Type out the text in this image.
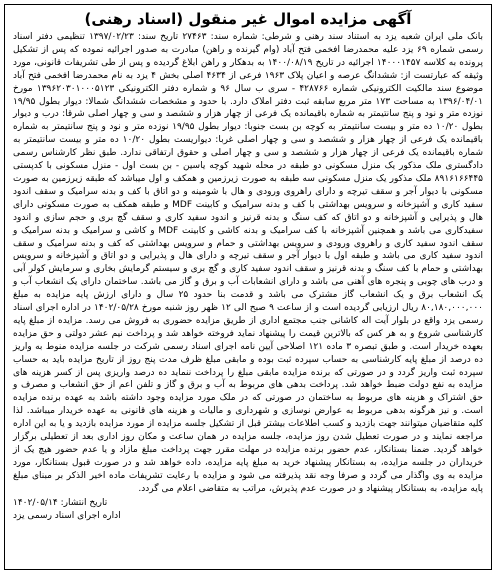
آگهی مزایده اموال غیر منقول (اسناد رهنی)

بانک ملی ایران شعبه یزد به استناد سند رهنی و شرطی: شماره سند: ۲۷۴۶۳ تاریخ سند: ۱۳۹۷/۰۲/۲۳ تنظیمی دفتر اسناد رسمی شماره ۶۹ یزد علیه محمدرضا افخمی فتح آباد (وام گیرنده و راهن) مبادرت به صدور اجرائیه نموده که پس از تشکیل پرونده به کلاسه ۱۴۰۰۰۱۴۵۷ اجرائیه در تاریخ ۱۴۰۰/۰۸/۱۹ به بدهکار و راهن ابلاغ گردیده و پس از طی تشریفات قانونی، مورد وثیقه که عبارتست از: ششدانگ عرصه و اعیان پلاک ۱۹۶۳ فرعی از ۴۶۳۴ اصلی بخش ۴ یزد به نام محمدرضا افخمی فتح آباد موضوع سند مالکیت الکترونیکی شماره ۴۲۸۷۶۶ - سری ب سال ۹۶ و شماره دفتر الکترونیکی ۱۳۹۶۲۰۳۰۱۰۰۰۵۱۲۳ مورخ ۱۳۹۶/۰۴/۰۱ به مساحت ۱۷۳ متر مربع سابقه ثبت دفتر املاک دارد. با حدود و مشخصات ششدانگ شمالا: دیوار بطول ۱۹/۹۵ نوزده متر و نود و پنج سانتیمتر به شماره باقیمانده یک فرعی از چهار هزار و ششصد و سی و چهار اصلی شرقا: درب و دیوار بطول ۱۰/۲۰ ده متر و بیست سانتیمتر به کوچه بن بست جنوبا: دیوار بطول ۱۹/۹۵ نوزده متر و نود و پنج سانتیمتر به شماره باقیمانده یک فرعی از چهار هزار و ششصد و سی و چهار اصلی غربا: دیواریست بطول ۱۰/۲۰ ده متر و بیست سانتیمتر به شماره باقیمانده یک فرعی از چهار هزار و ششصد و سی و چهار اصلی و حقوق ارتفاقی ندارد. طبق نظر کارشناس رسمی دادگستری ملک مذکور یک منزل مسکونی دو طبقه در محله شهید کوچه یاسین - بن بست اول - منزل مسکونی با کدپستی ۸۹۱۶۱۶۶۴۴۵ ملک مذکور یک منزل مسکونی سه طبقه به صورت زیرزمین و همکف و اول میباشد که طبقه زیرزمین به صورت مسکونی با دیوار آجر و سقف تیرچه و دارای راهروی ورودی و هال با شومینه و دو اتاق با کف و بدنه سرامیک و سقف اندود سفید کاری و آشپزخانه و سرویس بهداشتی با کف و بدنه سرامیک و کابینت MDF و طبقه همکف به صورت مسکونی دارای هال و پذیرایی و آشپزخانه و دو اتاق که کف سنگ و بدنه قرنیز و اندود سفید کاری و سقف گچ بری و حجم سازی و اندود سفیدکاری می باشد و همچنین آشپزخانه با کف سرامیک و بدنه کاشی و کابینت MDF و کاشی و سرامیک و بدنه سرامیک و سقف اندود سفید کاری و راهروی ورودی و سرویس بهداشتی و حمام و سرویس بهداشتی که کف و بدنه سرامیک و سقف اندود سفید کاری می باشد و طبقه اول با دیوار آجر و سقف تیرچه و دارای هال و پذیرایی و دو اتاق و آشپزخانه و سرویس بهداشتی و حمام با کف سنگ و بدنه قرنیز و سقف اندود سفید کاری و گچ بری و سیستم گرمایش بخاری و سرمایش کولر آبی و درب های چوبی و پنجره های آهنی می باشد و دارای انشعابات آب و برق و گاز می باشد. ساختمان دارای یک انشعاب آب و یک انشعاب برق و یک انشعاب گاز مشترک می باشد و قدمت بنا حدود ۲۵ سال و دارای ارزش پایه مزایده به مبلغ ۸۰,۱۸۰,۰۰۰,۰۰۰ ریال ارزیابی گردیده است و از ساعت ۹ صبح الی ۱۲ ظهر روز شنبه مورخ ۱۴۰۲/۰۵/۲۸ در اداره اجرای اسناد رسمی یزد واقع در بلوار آیت اله کاشانی جنب مجتمع اداری از طریق مزایده حضوری به فروش می رسد. مزایده از مبلغ پایه کارشناسی شروع و به هر کس که بالاترین قیمت را پیشنهاد نماید فروخته خواهد شد و پرداخت نیم عشر دولتی و حق مزایده بعهده خریدار است. و طبق تبصره ۳ ماده ۱۲۱ اصلاحی آیین نامه اجرای اسناد رسمی شرکت در جلسه مزایده منوط به واریز ده درصد از مبلغ پایه کارشناسی به حساب سپرده ثبت بوده و مابقی مبلغ ظرف مدت پنج روز از تاریخ مزایده باید به حساب سپرده ثبت واریز گردد و در صورتی که برنده مزایده مابقی مبلغ را پرداخت ننماید ده درصد واریزی پس از کسر هزینه های مزایده به نفع دولت ضبط خواهد شد. پرداخت بدهی های مربوط به آب و برق و گاز و تلفن اعم از حق انشعاب و مصرف و حق اشتراک و هزینه های مربوط به ساختمان در صورتی که در ملک مورد مزایده وجود داشته باشد به عهده برنده مزایده است. و نیز هرگونه بدهی مربوط به عوارض نوسازی و شهرداری و مالیات و هزینه های قانونی به عهده خریدار میباشد. لذا کلیه متقاضیان میتوانند جهت بازدید و کسب اطلاعات بیشتر قبل از تشکیل جلسه مزایده از مورد مزایده بازدید و یا به این اداره مراجعه نمایند و در صورت تعطیل شدن روز مزایده، جلسه مزایده در همان ساعت و مکان روز اداری بعد از تعطیلی برگزار خواهد گردید. ضمنا بستانکار، عدم حضور برنده مزایده در مهلت مقرر جهت پرداخت مبلغ مازاد و یا عدم حضور هیچ یک از خریداران در جلسه مزایده، به بستانکار پیشنهاد خرید به مبلغ پایه مزایده، داده خواهد شد و در صورت قبول بستانکار، مورد مزایده به وی واگذار می گردد و صرفا وجه نقد پذیرفته می شود و مزایده با رعایت تشریفات ماده اخیر الذکر بر مبنای مبلغ پایه مزایده، به بستانکار پیشنهاد و در صورت عدم پذیرش، مراتب به متقاضی اعلام می گردد.

تاریخ انتشار: ۱۴۰۲/۰۵/۱۴
اداره اجرای اسناد رسمی یزد
